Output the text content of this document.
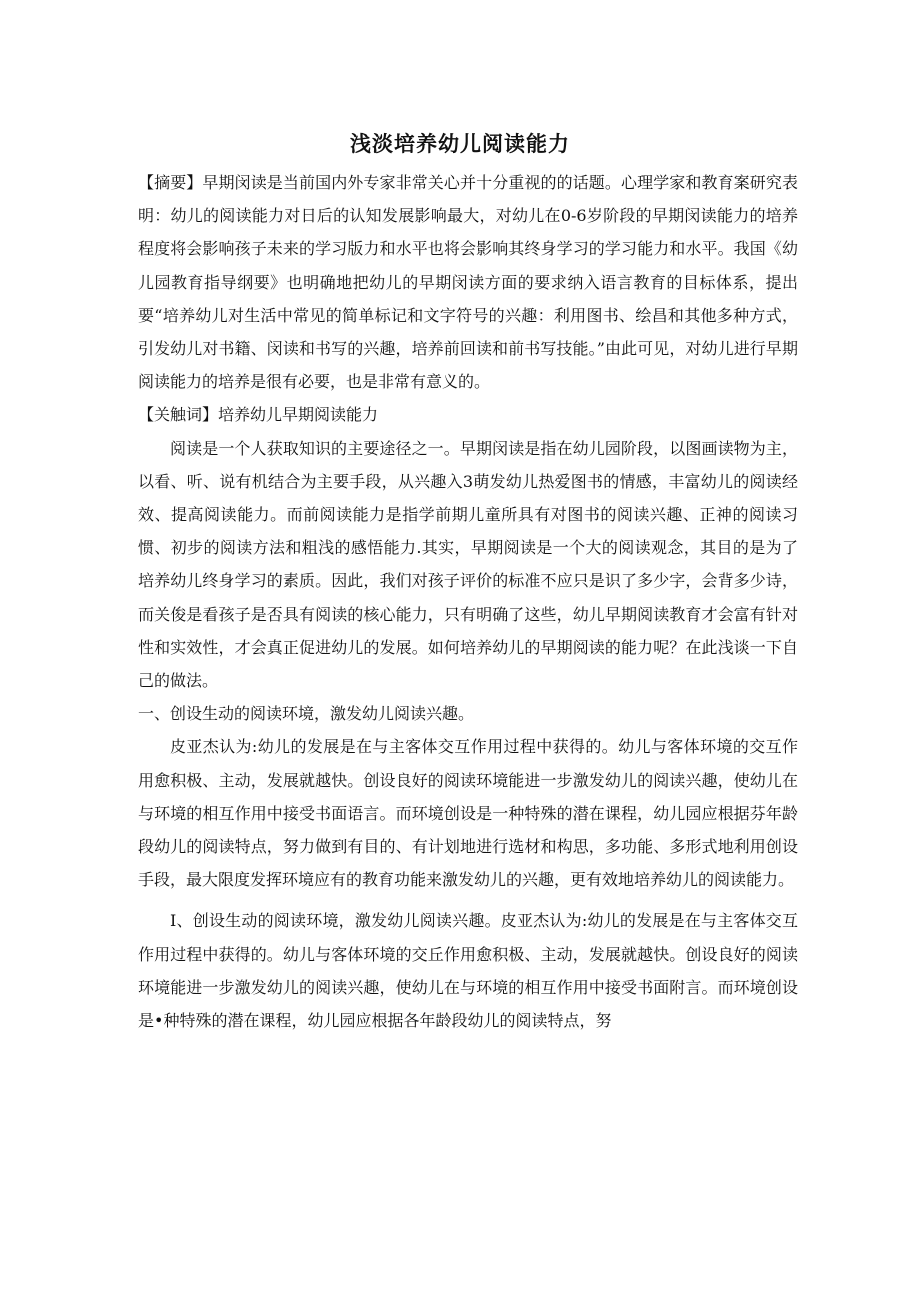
浅淡培养幼儿阅读能力

【摘要】早期闵读是当前国内外专家非常关心并十分重视的的话题。心理学家和教育案研究表明：幼儿的阅读能力对日后的认知发展影响最大，对幼儿在0-6岁阶段的早期闵读能力的培养程度将会影响孩子未来的学习版力和水平也将会影响其终身学习的学习能力和水平。我国《幼儿园教育指导纲要》也明确地把幼儿的早期闵读方面的要求纳入语言教育的目标体系，提出要“培养幼儿对生活中常见的简单标记和文字符号的兴趣：利用图书、绘昌和其他多种方式，引发幼儿对书籍、闵读和书写的兴趣，培养前回读和前书写技能。”由此可见，对幼儿进行早期阅读能力的培养是很有必要，也是非常有意义的。

【关触词】培养幼儿早期阅读能力

阅读是一个人获取知识的主要途径之一。早期闵读是指在幼儿园阶段，以图画读物为主，以看、听、说有机结合为主要手段，从兴趣入3萌发幼儿热爱图书的情感，丰富幼儿的阅读经效、提高阅读能力。而前阅读能力是指学前期儿童所具有对图书的阅读兴趣、正神的阅读习惯、初步的阅读方法和粗浅的感悟能力.其实，早期阅读是一个大的阅读观念，其目的是为了培养幼儿终身学习的素质。因此，我们对孩子评价的标准不应只是识了多少字，会背多少诗，而关俊是看孩子是否具有阅读的核心能力，只有明确了这些，幼儿早期阅读教育才会富有针对性和实效性，才会真正促进幼儿的发展。如何培养幼儿的早期阅读的能力呢？在此浅谈一下自己的做法。

一、创设生动的阅读环境，激发幼儿阅读兴趣。

皮亚杰认为:幼儿的发展是在与主客体交互作用过程中获得的。幼儿与客体环境的交互作用愈积极、主动，发展就越快。创设良好的阅读环境能进一步激发幼儿的阅读兴趣，使幼儿在与环境的相互作用中接受书面语言。而环境创设是一种特殊的潜在课程，幼儿园应根据芬年龄段幼儿的阅读特点，努力做到有目的、有计划地进行选材和构思，多功能、多形式地利用创设手段，最大限度发挥环境应有的教育功能来激发幼儿的兴趣，更有效地培养幼儿的阅读能力。

I、创设生动的阅读环境，激发幼儿阅读兴趣。皮亚杰认为:幼儿的发展是在与主客体交互作用过程中获得的。幼儿与客体环境的交丘作用愈积极、主动，发展就越快。创设良好的阅读环境能进一步激发幼儿的阅读兴趣，使幼儿在与环境的相互作用中接受书面附言。而环境创设是•种特殊的潜在课程，幼儿园应根据各年龄段幼儿的阅读特点，努
